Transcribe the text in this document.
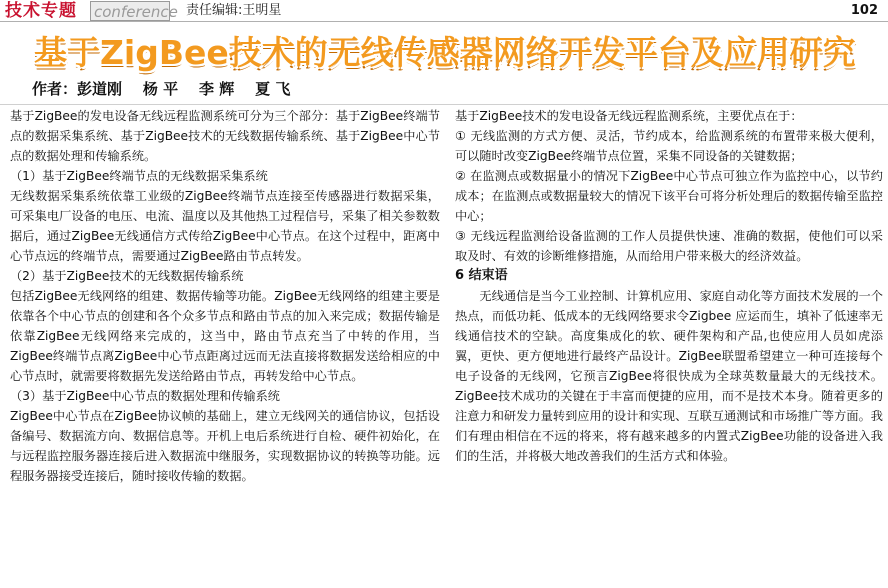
技术专题 conference 责任编辑:王明星	102
基于ZigBee技术的无线传感器网络开发平台及应用研究
作者：彭道刚    杨 平    李 辉    夏 飞

基于ZigBee的发电设备无线远程监测系统可分为三个部分：基于ZigBee终端节点的数据采集系统、基于ZigBee技术的无线数据传输系统、基于ZigBee中心节点的数据处理和传输系统。

（1）基于ZigBee终端节点的无线数据采集系统

无线数据采集系统依靠工业级的ZigBee终端节点连接至传感器进行数据采集，可采集电厂设备的电压、电流、温度以及其他热工过程信号，采集了相关参数数据后，通过ZigBee无线通信方式传给ZigBee中心节点。在这个过程中，距离中心节点远的终端节点，需要通过ZigBee路由节点转发。

（2）基于ZigBee技术的无线数据传输系统

包括ZigBee无线网络的组建、数据传输等功能。ZigBee无线网络的组建主要是依靠各个中心节点的创建和各个众多节点和路由节点的加入来完成；数据传输是依靠ZigBee无线网络来完成的，这当中，路由节点充当了中转的作用，当ZigBee终端节点离ZigBee中心节点距离过远而无法直接将数据发送给相应的中心节点时，就需要将数据先发送给路由节点，再转发给中心节点。

（3）基于ZigBee中心节点的数据处理和传输系统

ZigBee中心节点在ZigBee协议帧的基础上，建立无线网关的通信协议，包括设备编号、数据流方向、数据信息等。开机上电后系统进行自检、硬件初始化，在与远程监控服务器连接后进入数据流中继服务，实现数据协议的转换等功能。远程服务器接受连接后，随时接收传输的数据。

基于ZigBee技术的发电设备无线远程监测系统，主要优点在于：

① 无线监测的方式方便、灵活，节约成本，给监测系统的布置带来极大便利，可以随时改变ZigBee终端节点位置，采集不同设备的关键数据；

② 在监测点或数据量小的情况下ZigBee中心节点可独立作为监控中心，以节约成本；在监测点或数据量较大的情况下该平台可将分析处理后的数据传输至监控中心；

③ 无线远程监测给设备监测的工作人员提供快速、准确的数据，使他们可以采取及时、有效的诊断维修措施，从而给用户带来极大的经济效益。

6 结束语

无线通信是当今工业控制、计算机应用、家庭自动化等方面技术发展的一个热点，而低功耗、低成本的无线网络要求令Zigbee 应运而生，填补了低速率无线通信技术的空缺。高度集成化的软、硬件架构和产品,也使应用人员如虎添翼，更快、更方便地进行最终产品设计。ZigBee联盟希望建立一种可连接每个电子设备的无线网，它预言ZigBee将很快成为全球英数量最大的无线技术。ZigBee技术成功的关键在于丰富而便捷的应用，而不是技术本身。随着更多的注意力和研发力量转到应用的设计和实现、互联互通测试和市场推广等方面。我们有理由相信在不远的将来，将有越来越多的内置式ZigBee功能的设备进入我们的生活，并将极大地改善我们的生活方式和体验。
